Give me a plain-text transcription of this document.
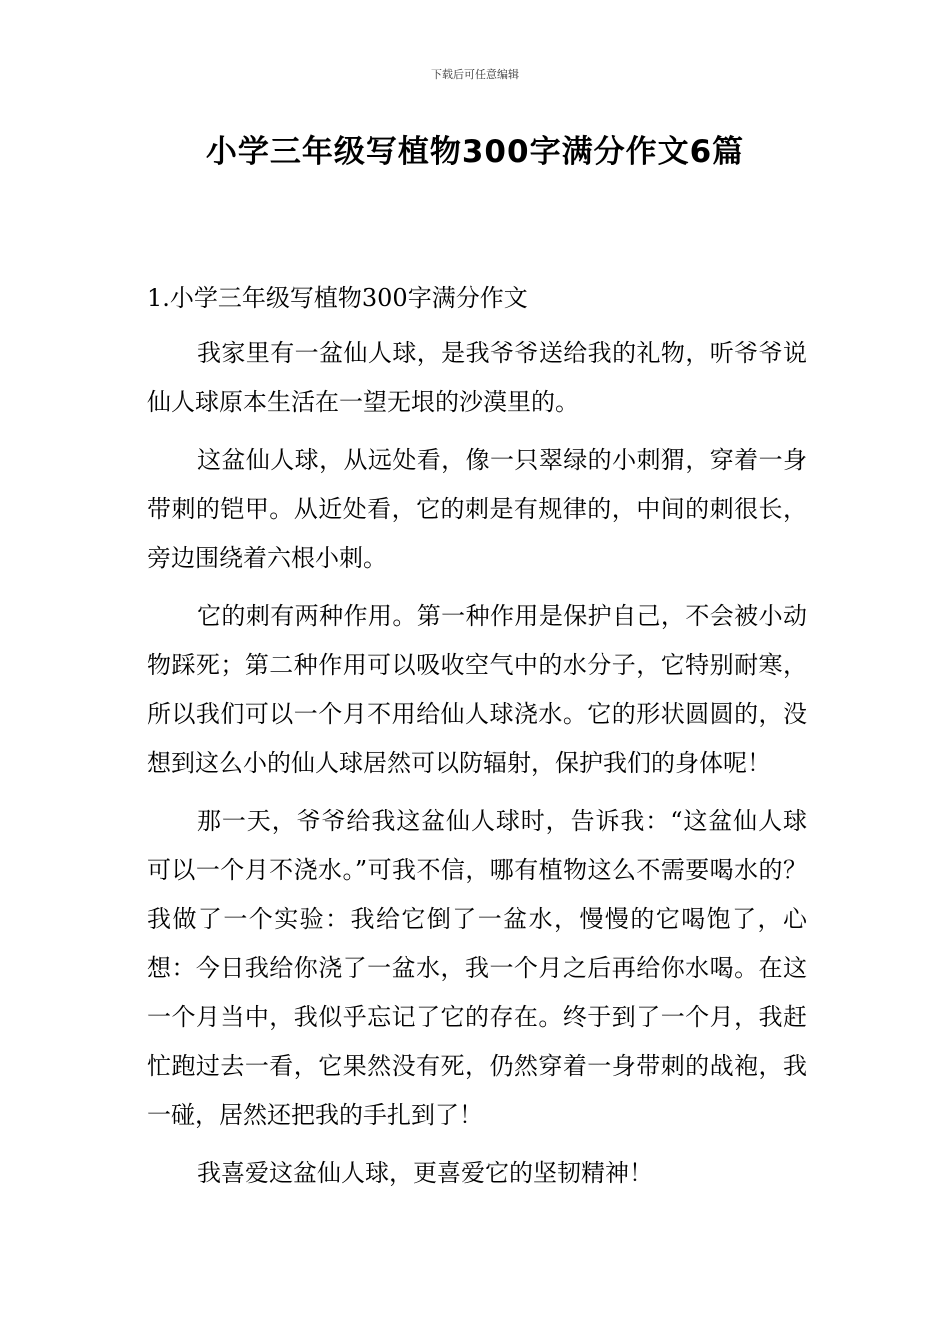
下载后可任意编辑
小学三年级写植物300字满分作文6篇

1.小学三年级写植物300字满分作文

我家里有一盆仙人球，是我爷爷送给我的礼物，听爷爷说仙人球原本生活在一望无垠的沙漠里的。

这盆仙人球，从远处看，像一只翠绿的小刺猬，穿着一身带刺的铠甲。从近处看，它的刺是有规律的，中间的刺很长，旁边围绕着六根小刺。

它的刺有两种作用。第一种作用是保护自己，不会被小动物踩死；第二种作用可以吸收空气中的水分子，它特别耐寒，所以我们可以一个月不用给仙人球浇水。它的形状圆圆的，没想到这么小的仙人球居然可以防辐射，保护我们的身体呢！

那一天，爷爷给我这盆仙人球时，告诉我：“这盆仙人球可以一个月不浇水。”可我不信，哪有植物这么不需要喝水的？我做了一个实验：我给它倒了一盆水，慢慢的它喝饱了，心想：今日我给你浇了一盆水，我一个月之后再给你水喝。在这一个月当中，我似乎忘记了它的存在。终于到了一个月，我赶忙跑过去一看，它果然没有死，仍然穿着一身带刺的战袍，我一碰，居然还把我的手扎到了！

我喜爱这盆仙人球，更喜爱它的坚韧精神！
